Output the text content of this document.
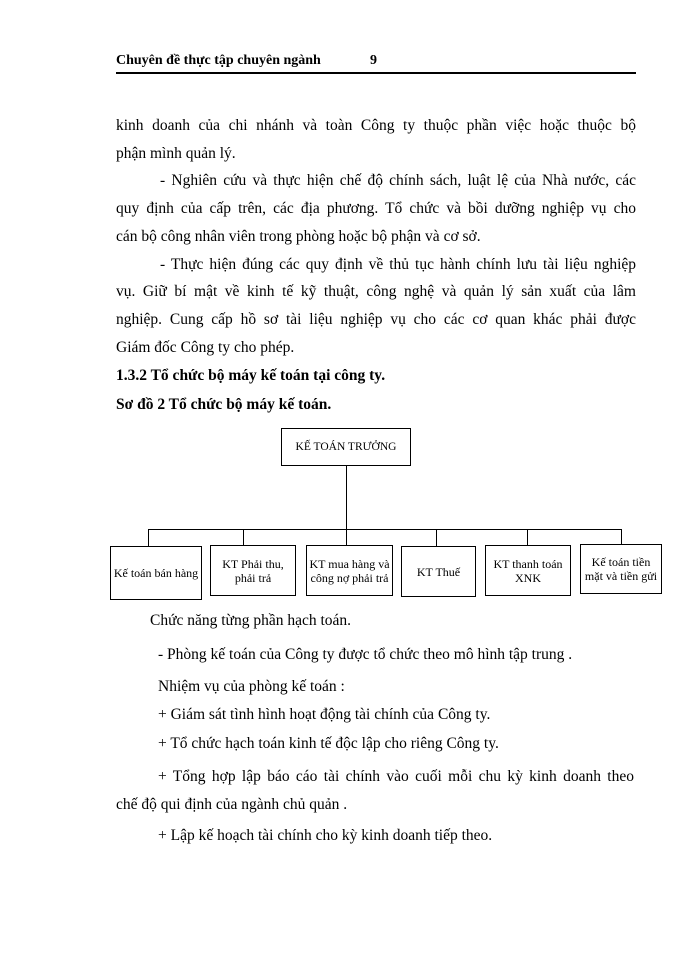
Chuyên đề thực tập chuyên ngành	9
kinh doanh của chi nhánh và toàn Công ty thuộc phần việc hoặc thuộc bộ
phận mình quản lý.
- Nghiên cứu và thực hiện chế độ chính sách, luật lệ của Nhà nước, các
quy định của cấp trên, các địa phương. Tổ chức và bồi dưỡng nghiệp vụ cho
cán bộ công nhân viên trong phòng hoặc bộ phận và cơ sở.
- Thực hiện đúng các quy định về thủ tục hành chính lưu tài liệu nghiệp
vụ. Giữ bí mật về kinh tế kỹ thuật, công nghệ và quản lý sản xuất của lâm
nghiệp. Cung cấp hồ sơ tài liệu nghiệp vụ cho các cơ quan khác phải được
Giám đốc Công ty cho phép.
1.3.2 Tổ chức bộ máy kế toán tại công ty.
Sơ đồ 2 Tổ chức bộ máy kế toán.
KẾ TOÁN TRƯỞNG
Kế toán bán hàng
KT Phải thu, phải trả
KT mua hàng và công nợ phải trả	KT Thuế
KT thanh toán XNK
Kế toán tiền mặt và tiền gửi
Chức năng từng phần hạch toán.
- Phòng kế toán của Công ty được tổ chức theo mô hình tập trung .
Nhiệm vụ của phòng kế toán :
+ Giám sát tình hình hoạt động tài chính của Công ty.
+ Tổ chức hạch toán kinh tế độc lập cho riêng Công ty.
+ Tổng hợp lập báo cáo tài chính vào cuối mỗi chu kỳ kinh doanh theo
chế độ qui định của ngành chủ quản .
+ Lập kế hoạch tài chính cho kỳ kinh doanh tiếp theo.
